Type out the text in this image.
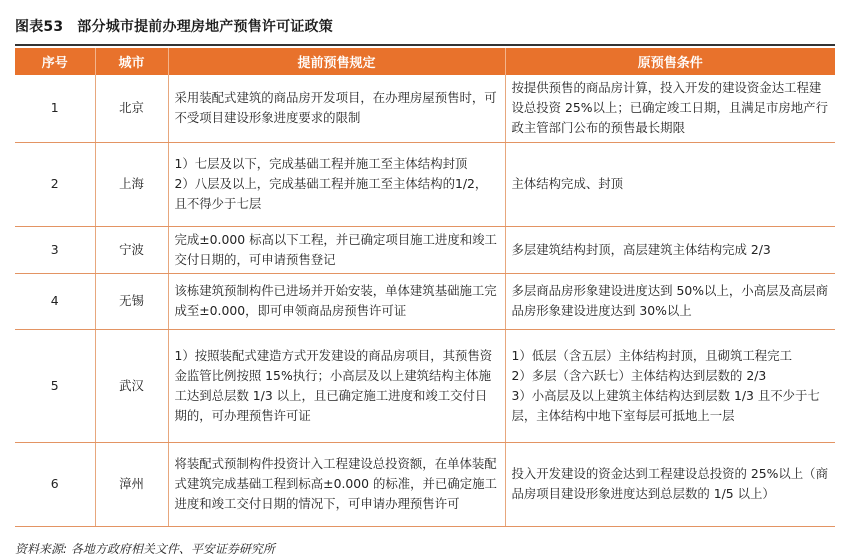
图表53 部分城市提前办理房地产预售许可证政策
序号	城市	提前预售规定	原预售条件

1	北京	采用装配式建筑的商品房开发项目，在办理房屋预售时，可不受项目建设形象进度要求的限制	按提供预售的商品房计算，投入开发的建设资金达工程建设总投资 25%以上；已确定竣工日期，且满足市房地产行政主管部门公布的预售最长期限

2	上海	1）七层及以下，完成基础工程并施工至主体结构封顶
2）八层及以上，完成基础工程并施工至主体结构的1/2，且不得少于七层	主体结构完成、封顶

3	宁波	完成±0.000 标高以下工程，并已确定项目施工进度和竣工交付日期的，可申请预售登记	多层建筑结构封顶，高层建筑主体结构完成 2/3

4	无锡	该栋建筑预制构件已进场并开始安装，单体建筑基础施工完成至±0.000，即可申领商品房预售许可证	多层商品房形象建设进度达到 50%以上，小高层及高层商品房形象建设进度达到 30%以上

5	武汉	1）按照装配式建造方式开发建设的商品房项目，其预售资金监管比例按照 15%执行；小高层及以上建筑结构主体施工达到总层数 1/3 以上，且已确定施工进度和竣工交付日期的，可办理预售许可证	1）低层（含五层）主体结构封顶，且砌筑工程完工
2）多层（含六跃七）主体结构达到层数的 2/3
3）小高层及以上建筑主体结构达到层数 1/3 且不少于七层，主体结构中地下室每层可抵地上一层

6	漳州	将装配式预制构件投资计入工程建设总投资额，在单体装配式建筑完成基础工程到标高±0.000 的标准，并已确定施工进度和竣工交付日期的情况下，可申请办理预售许可	投入开发建设的资金达到工程建设总投资的 25%以上（商品房项目建设形象进度达到总层数的 1/5 以上）
资料来源: 各地方政府相关文件、平安证券研究所
